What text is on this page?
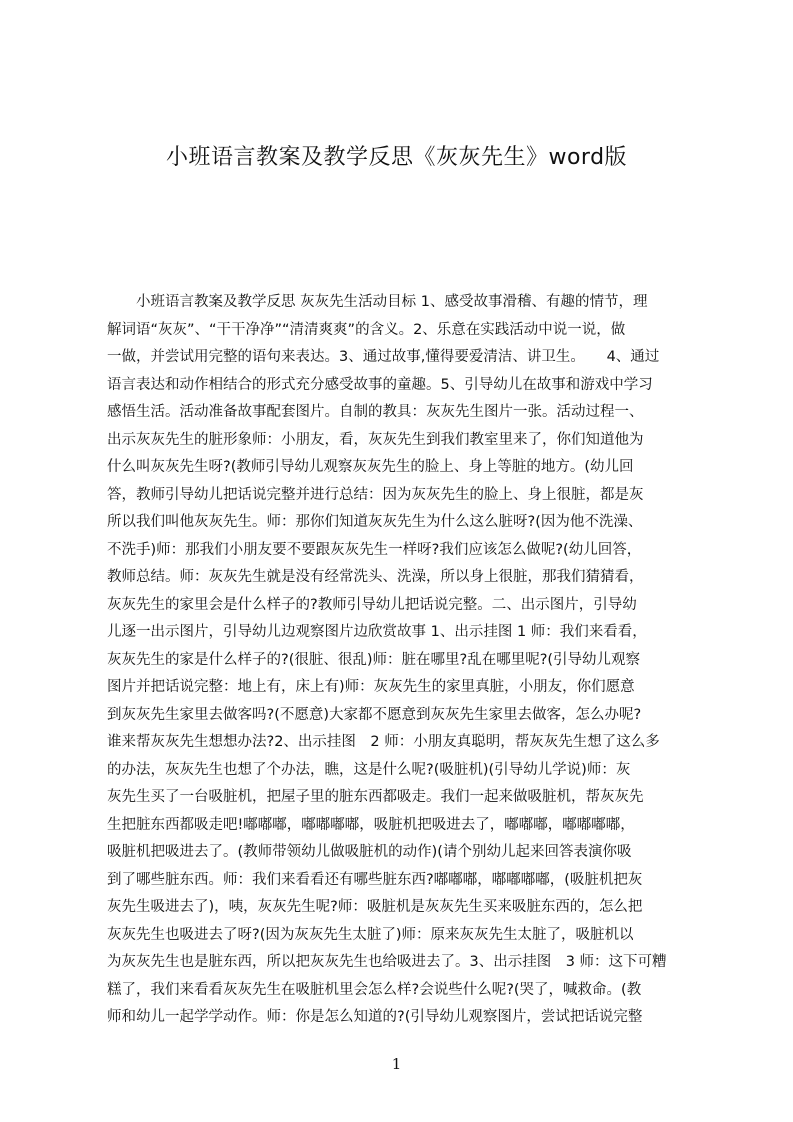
小班语言教案及教学反思《灰灰先生》word版
　　小班语言教案及教学反思 灰灰先生活动目标 1、感受故事滑稽、有趣的情节，理
解词语“灰灰”、“干干净净”“清清爽爽”的含义。2、乐意在实践活动中说一说，做
一做，并尝试用完整的语句来表达。3、通过故事,懂得要爱清洁、讲卫生。　　4、通过
语言表达和动作相结合的形式充分感受故事的童趣。5、引导幼儿在故事和游戏中学习
感悟生活。活动准备故事配套图片。自制的教具：灰灰先生图片一张。活动过程一、
出示灰灰先生的脏形象师：小朋友，看，灰灰先生到我们教室里来了，你们知道他为
什么叫灰灰先生呀?(教师引导幼儿观察灰灰先生的脸上、身上等脏的地方。(幼儿回
答，教师引导幼儿把话说完整并进行总结：因为灰灰先生的脸上、身上很脏，都是灰
所以我们叫他灰灰先生。师：那你们知道灰灰先生为什么这么脏呀?(因为他不洗澡、
不洗手)师：那我们小朋友要不要跟灰灰先生一样呀?我们应该怎么做呢?(幼儿回答，
教师总结。师：灰灰先生就是没有经常洗头、洗澡，所以身上很脏，那我们猜猜看，
灰灰先生的家里会是什么样子的?教师引导幼儿把话说完整。二、出示图片，引导幼
儿逐一出示图片，引导幼儿边观察图片边欣赏故事 1、出示挂图 1 师：我们来看看，
灰灰先生的家是什么样子的?(很脏、很乱)师：脏在哪里?乱在哪里呢?(引导幼儿观察
图片并把话说完整：地上有，床上有)师：灰灰先生的家里真脏，小朋友，你们愿意
到灰灰先生家里去做客吗?(不愿意)大家都不愿意到灰灰先生家里去做客，怎么办呢?
谁来帮灰灰先生想想办法?2、出示挂图　2 师：小朋友真聪明，帮灰灰先生想了这么多
的办法，灰灰先生也想了个办法，瞧，这是什么呢?(吸脏机)(引导幼儿学说)师：灰
灰先生买了一台吸脏机，把屋子里的脏东西都吸走。我们一起来做吸脏机，帮灰灰先
生把脏东西都吸走吧!嘟嘟嘟，嘟嘟嘟嘟，吸脏机把吸进去了，嘟嘟嘟，嘟嘟嘟嘟，
吸脏机把吸进去了。(教师带领幼儿做吸脏机的动作)(请个别幼儿起来回答表演你吸
到了哪些脏东西。师：我们来看看还有哪些脏东西?嘟嘟嘟，嘟嘟嘟嘟，(吸脏机把灰
灰先生吸进去了)，咦，灰灰先生呢?师：吸脏机是灰灰先生买来吸脏东西的，怎么把
灰灰先生也吸进去了呀?(因为灰灰先生太脏了)师：原来灰灰先生太脏了，吸脏机以
为灰灰先生也是脏东西，所以把灰灰先生也给吸进去了。3、出示挂图　3 师：这下可糟
糕了，我们来看看灰灰先生在吸脏机里会怎么样?会说些什么呢?(哭了，喊救命。(教
师和幼儿一起学学动作。师：你是怎么知道的?(引导幼儿观察图片，尝试把话说完整
1
